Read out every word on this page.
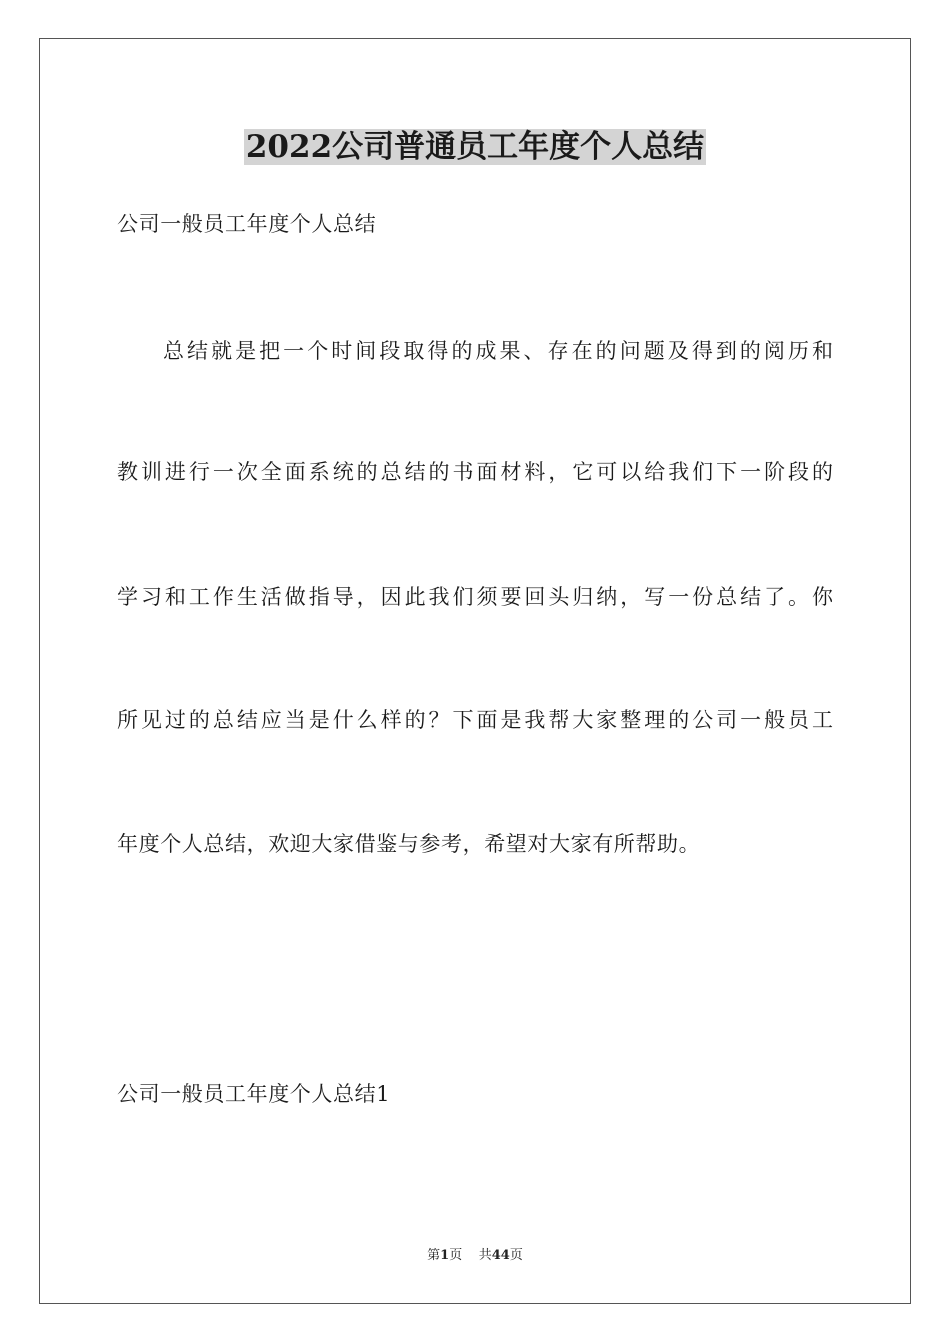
2022公司普通员工年度个人总结
公司一般员工年度个人总结
总结就是把一个时间段取得的成果、存在的问题及得到的阅历和
教训进行一次全面系统的总结的书面材料，它可以给我们下一阶段的
学习和工作生活做指导，因此我们须要回头归纳，写一份总结了。你
所见过的总结应当是什么样的？下面是我帮大家整理的公司一般员工
年度个人总结，欢迎大家借鉴与参考，希望对大家有所帮助。
公司一般员工年度个人总结1
第1页 共44页
